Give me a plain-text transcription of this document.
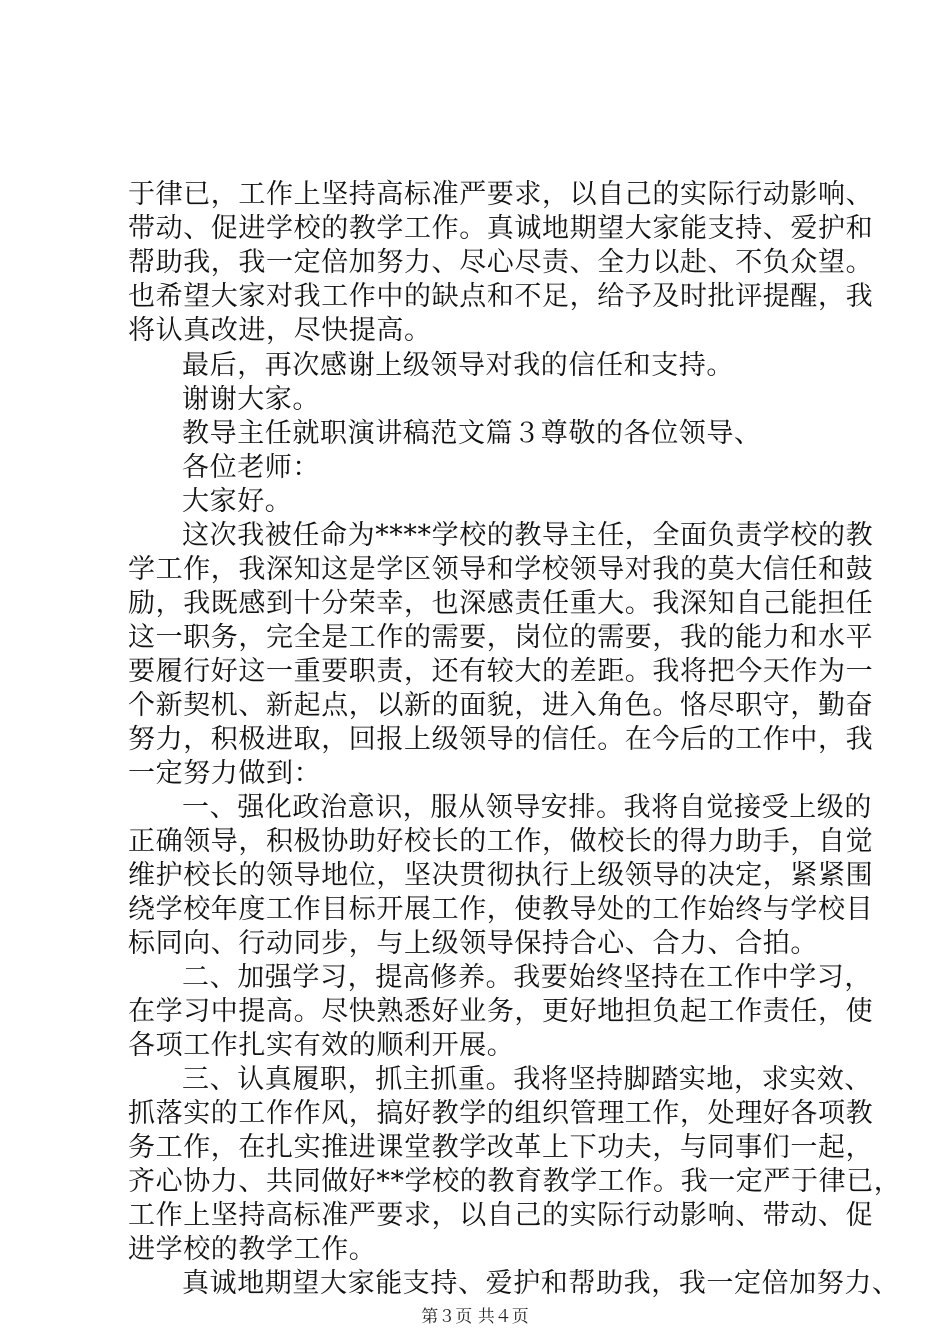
于律已，工作上坚持高标准严要求，以自己的实际行动影响、
带动、促进学校的教学工作。真诚地期望大家能支持、爱护和
帮助我，我一定倍加努力、尽心尽责、全力以赴、不负众望。
也希望大家对我工作中的缺点和不足，给予及时批评提醒，我
将认真改进，尽快提高。
最后，再次感谢上级领导对我的信任和支持。
谢谢大家。
教导主任就职演讲稿范文篇３尊敬的各位领导、
各位老师：
大家好。
这次我被任命为****学校的教导主任，全面负责学校的教
学工作，我深知这是学区领导和学校领导对我的莫大信任和鼓
励，我既感到十分荣幸，也深感责任重大。我深知自己能担任
这一职务，完全是工作的需要，岗位的需要，我的能力和水平
要履行好这一重要职责，还有较大的差距。我将把今天作为一
个新契机、新起点，以新的面貌，进入角色。恪尽职守，勤奋
努力，积极进取，回报上级领导的信任。在今后的工作中，我
一定努力做到：
一、强化政治意识，服从领导安排。我将自觉接受上级的
正确领导，积极协助好校长的工作，做校长的得力助手，自觉
维护校长的领导地位，坚决贯彻执行上级领导的决定，紧紧围
绕学校年度工作目标开展工作，使教导处的工作始终与学校目
标同向、行动同步，与上级领导保持合心、合力、合拍。
二、加强学习，提高修养。我要始终坚持在工作中学习，
在学习中提高。尽快熟悉好业务，更好地担负起工作责任，使
各项工作扎实有效的顺利开展。
三、认真履职，抓主抓重。我将坚持脚踏实地，求实效、
抓落实的工作作风，搞好教学的组织管理工作，处理好各项教
务工作，在扎实推进课堂教学改革上下功夫，与同事们一起，
齐心协力、共同做好**学校的教育教学工作。我一定严于律已，
工作上坚持高标准严要求，以自己的实际行动影响、带动、促
进学校的教学工作。
真诚地期望大家能支持、爱护和帮助我，我一定倍加努力、
第３页 共４页
